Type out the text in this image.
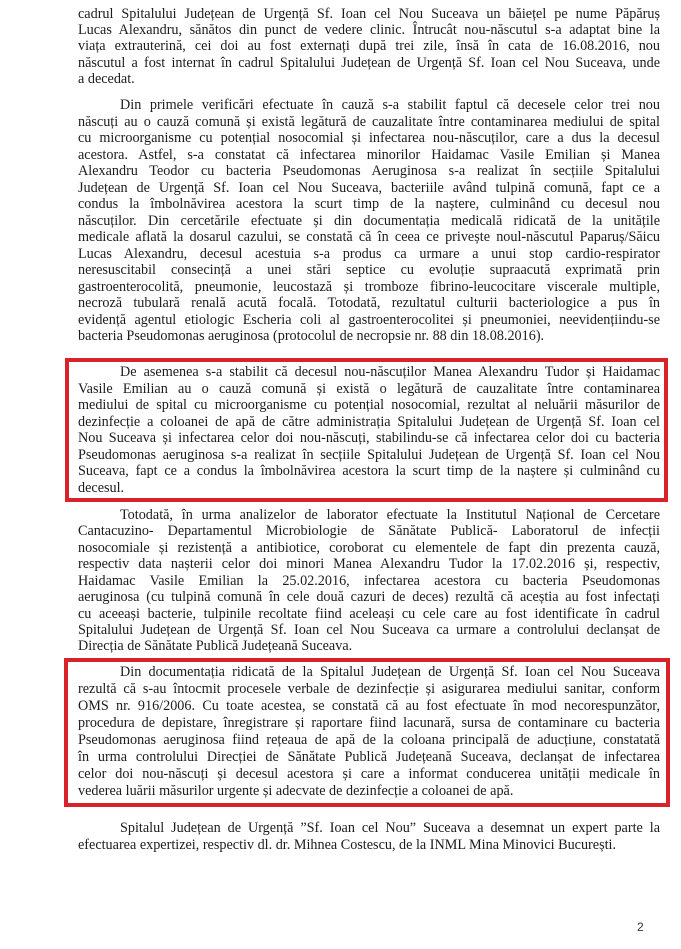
cadrul Spitalului Județean de Urgență Sf. Ioan cel Nou Suceava un băiețel pe nume Păpăruș
Lucas Alexandru, sănătos din punct de vedere clinic. Întrucât nou-născutul s-a adaptat bine la
viața extrauterină, cei doi au fost externați după trei zile, însă în cata de 16.08.2016, nou
născutul a fost internat în cadrul Spitalului Județean de Urgență Sf. Ioan cel Nou Suceava, unde
a decedat.
Din primele verificări efectuate în cauză s-a stabilit faptul că decesele celor trei nou
născuți au o cauză comună și există legătură de cauzalitate între contaminarea mediului de spital
cu microorganisme cu potențial nosocomial și infectarea nou-născuților, care a dus la decesul
acestora. Astfel, s-a constatat că infectarea minorilor Haidamac Vasile Emilian și Manea
Alexandru Teodor cu bacteria Pseudomonas Aeruginosa s-a realizat în secțiile Spitalului
Județean de Urgență Sf. Ioan cel Nou Suceava, bacteriile având tulpină comună, fapt ce a
condus la îmbolnăvirea acestora la scurt timp de la naștere, culminând cu decesul nou
născuților. Din cercetările efectuate și din documentația medicală ridicată de la unitățile
medicale aflată la dosarul cazului, se constată că în ceea ce privește noul-născutul Paparuș/Săicu
Lucas Alexandru, decesul acestuia s-a produs ca urmare a unui stop cardio-respirator
neresuscitabil consecință a unei stări septice cu evoluție supraacută exprimată prin
gastroenterocolită, pneumonie, leucostază și tromboze fibrino-leucocitare viscerale multiple,
necroză tubulară renală acută focală. Totodată, rezultatul culturii bacteriologice a pus în
evidență agentul etiologic Escheria coli al gastroenterocolitei și pneumoniei, neevidențiindu-se
bacteria Pseudomonas aeruginosa (protocolul de necropsie nr. 88 din 18.08.2016).
De asemenea s-a stabilit că decesul nou-născuților Manea Alexandru Tudor și Haidamac
Vasile Emilian au o cauză comună și există o legătură de cauzalitate între contaminarea
mediului de spital cu microorganisme cu potențial nosocomial, rezultat al neluării măsurilor de
dezinfecție a coloanei de apă de către administrația Spitalului Județean de Urgență Sf. Ioan cel
Nou Suceava și infectarea celor doi nou-născuți, stabilindu-se că infectarea celor doi cu bacteria
Pseudomonas aeruginosa s-a realizat în secțiile Spitalului Județean de Urgență Sf. Ioan cel Nou
Suceava, fapt ce a condus la îmbolnăvirea acestora la scurt timp de la naștere și culminând cu
decesul.
Totodată, în urma analizelor de laborator efectuate la Institutul Național de Cercetare
Cantacuzino- Departamentul Microbiologie de Sănătate Publică- Laboratorul de infecții
nosocomiale și rezistență a antibiotice, coroborat cu elementele de fapt din prezenta cauză,
respectiv data nașterii celor doi minori Manea Alexandru Tudor la 17.02.2016 și, respectiv,
Haidamac Vasile Emilian la 25.02.2016, infectarea acestora cu bacteria Pseudomonas
aeruginosa (cu tulpină comună în cele două cazuri de deces) rezultă că aceștia au fost infectați
cu aceeași bacterie, tulpinile recoltate fiind aceleași cu cele care au fost identificate în cadrul
Spitalului Județean de Urgență Sf. Ioan cel Nou Suceava ca urmare a controlului declanșat de
Direcția de Sănătate Publică Județeană Suceava.
Din documentația ridicată de la Spitalul Județean de Urgență Sf. Ioan cel Nou Suceava
rezultă că s-au întocmit procesele verbale de dezinfecție și asigurarea mediului sanitar, conform
OMS nr. 916/2006. Cu toate acestea, se constată că au fost efectuate în mod necorespunzător,
procedura de depistare, înregistrare și raportare fiind lacunară, sursa de contaminare cu bacteria
Pseudomonas aeruginosa fiind rețeaua de apă de la coloana principală de aducțiune, constatată
în urma controlului Direcției de Sănătate Publică Județeană Suceava, declanșat de infectarea
celor doi nou-născuți și decesul acestora și care a informat conducerea unității medicale în
vederea luării măsurilor urgente și adecvate de dezinfecție a coloanei de apă.
Spitalul Județean de Urgență ”Sf. Ioan cel Nou” Suceava a desemnat un expert parte la
efectuarea expertizei, respectiv dl. dr. Mihnea Costescu, de la INML Mina Minovici București.
2
